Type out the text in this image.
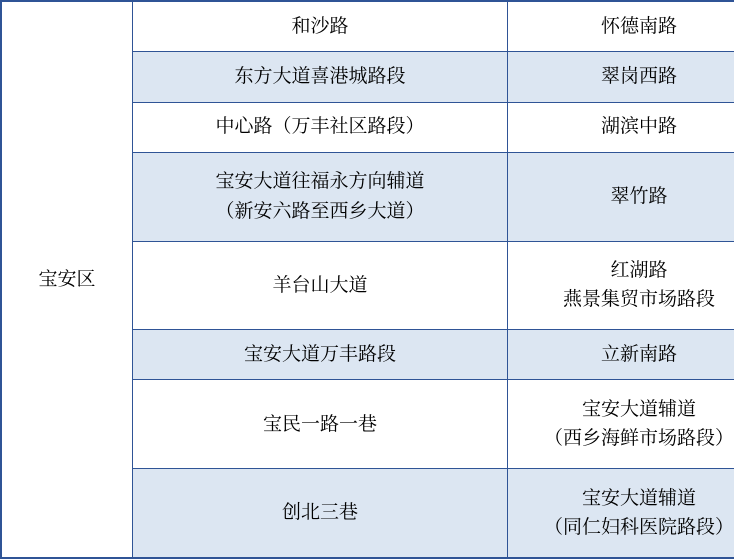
宝安区	和沙路	怀德南路

	东方大道喜港城路段	翠岗西路

	中心路（万丰社区路段）	湖滨中路

	宝安大道往福永方向辅道
（新安六路至西乡大道）	翠竹路

	羊台山大道	红湖路
燕景集贸市场路段

	宝安大道万丰路段	立新南路

	宝民一路一巷	宝安大道辅道
（西乡海鲜市场路段）

	创北三巷	宝安大道辅道
（同仁妇科医院路段）
